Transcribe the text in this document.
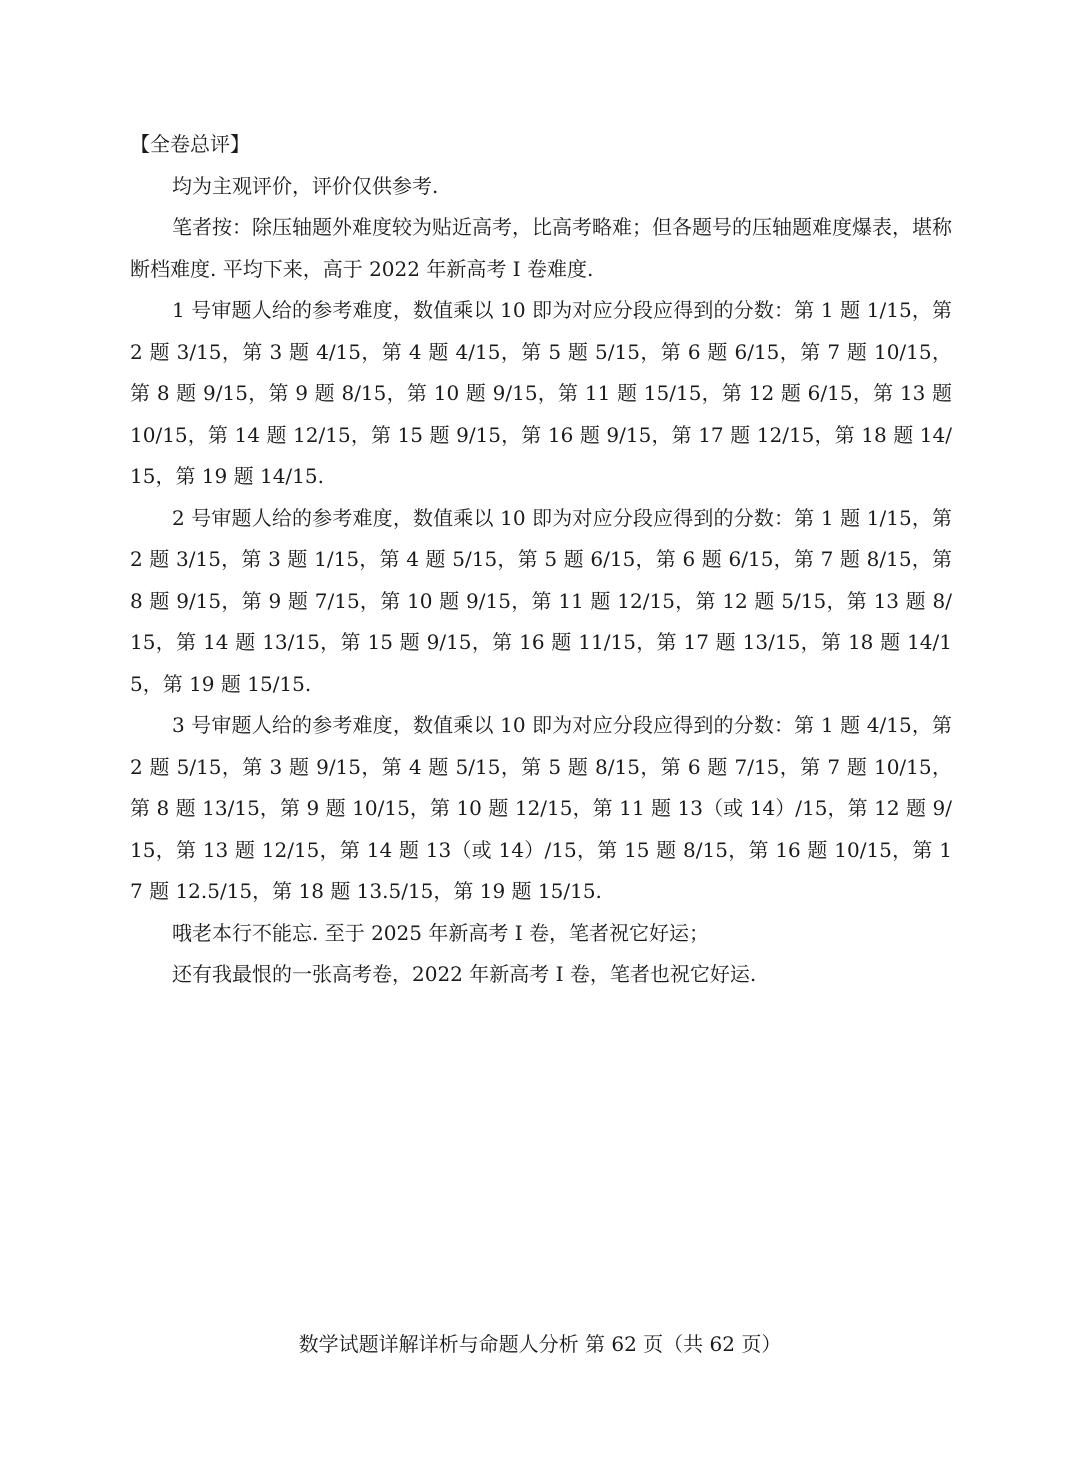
【全卷总评】

均为主观评价，评价仅供参考.

笔者按：除压轴题外难度较为贴近高考，比高考略难；但各题号的压轴题难度爆表，堪称断档难度. 平均下来，高于 2022 年新高考 I 卷难度.

1 号审题人给的参考难度，数值乘以 10 即为对应分段应得到的分数：第 1 题 1/15，第 2 题 3/15，第 3 题 4/15，第 4 题 4/15，第 5 题 5/15，第 6 题 6/15，第 7 题 10/15，第 8 题 9/15，第 9 题 8/15，第 10 题 9/15，第 11 题 15/15，第 12 题 6/15，第 13 题 10/15，第 14 题 12/15，第 15 题 9/15，第 16 题 9/15，第 17 题 12/15，第 18 题 14/15，第 19 题 14/15.

2 号审题人给的参考难度，数值乘以 10 即为对应分段应得到的分数：第 1 题 1/15，第 2 题 3/15，第 3 题 1/15，第 4 题 5/15，第 5 题 6/15，第 6 题 6/15，第 7 题 8/15，第 8 题 9/15，第 9 题 7/15，第 10 题 9/15，第 11 题 12/15，第 12 题 5/15，第 13 题 8/15，第 14 题 13/15，第 15 题 9/15，第 16 题 11/15，第 17 题 13/15，第 18 题 14/15，第 19 题 15/15.

3 号审题人给的参考难度，数值乘以 10 即为对应分段应得到的分数：第 1 题 4/15，第 2 题 5/15，第 3 题 9/15，第 4 题 5/15，第 5 题 8/15，第 6 题 7/15，第 7 题 10/15，第 8 题 13/15，第 9 题 10/15，第 10 题 12/15，第 11 题 13（或 14）/15，第 12 题 9/15，第 13 题 12/15，第 14 题 13（或 14）/15，第 15 题 8/15，第 16 题 10/15，第 17 题 12.5/15，第 18 题 13.5/15，第 19 题 15/15.

哦老本行不能忘. 至于 2025 年新高考 I 卷，笔者祝它好运；

还有我最恨的一张高考卷，2022 年新高考 I 卷，笔者也祝它好运.

数学试题详解详析与命题人分析 第 62 页（共 62 页）
